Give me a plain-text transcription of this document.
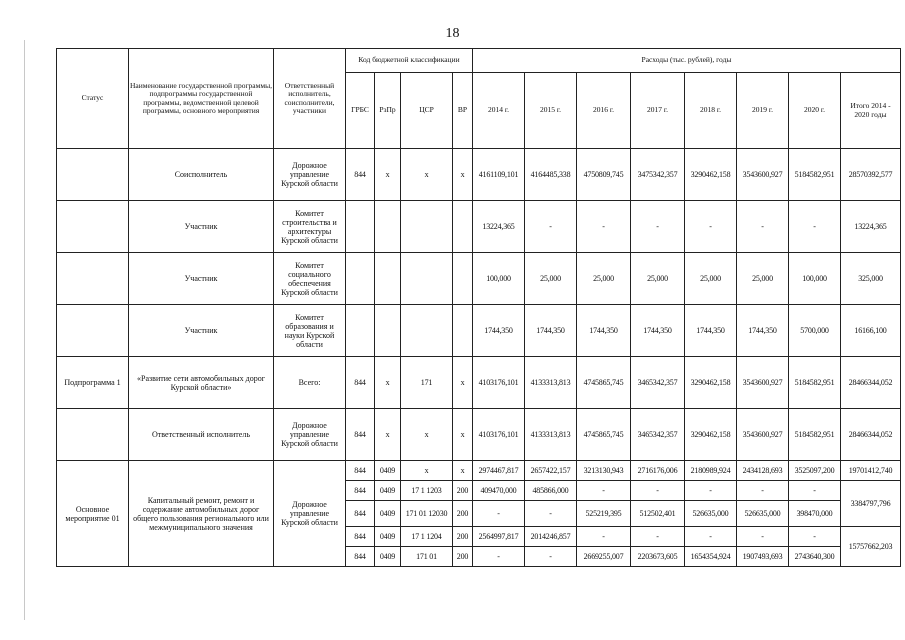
18
Статус	Наименование государственной программы, подпрограммы государственной программы, ведомственной целевой программы, основного мероприятия	Ответственный исполнитель, соисполнители, участники	Код бюджетной классификации				Расходы (тыс. рублей), годы							
			ГРБС	РзПр	ЦСР	ВР	2014 г.	2015 г.	2016 г.	2017 г.	2018 г.	2019 г.	2020 г.	Итого 2014 - 2020 годы
	Соисполнитель	Дорожное управление Курской области	844	x	x	x	4161109,101	4164485,338	4750809,745	3475342,357	3290462,158	3543600,927	5184582,951	28570392,577
	Участник	Комитет строительства и архитектуры Курской области					13224,365	-	-	-	-	-	-	13224,365
	Участник	Комитет социального обеспечения Курской области					100,000	25,000	25,000	25,000	25,000	25,000	100,000	325,000
	Участник	Комитет образования и науки Курской области					1744,350	1744,350	1744,350	1744,350	1744,350	1744,350	5700,000	16166,100
Подпрограмма 1	«Развитие сети автомобильных дорог Курской области»	Всего:	844	x	171	x	4103176,101	4133313,813	4745865,745	3465342,357	3290462,158	3543600,927	5184582,951	28466344,052
	Ответственный исполнитель	Дорожное управление Курской области	844	x	x	x	4103176,101	4133313,813	4745865,745	3465342,357	3290462,158	3543600,927	5184582,951	28466344,052
Основное мероприятие 01	Капитальный ремонт, ремонт и содержание автомобильных дорог общего пользования регионального или межмуниципального значения	Дорожное управление Курской области	844	0409	x	x	2974467,817	2657422,157	3213130,943	2716176,006	2180989,924	2434128,693	3525097,200	19701412,740
			844	0409	17 1 1203	200	409470,000	485866,000	-	-	-	-	-	3384797,796
			844	0409	171 01 12030	200	-	-	525219,395	512502,401	526635,000	526635,000	398470,000	
			844	0409	17 1 1204	200	2564997,817	2014246,857	-	-	-	-	-	15757662,203
			844	0409	171 01	200	-	-	2669255,007	2203673,605	1654354,924	1907493,693	2743640,300	
